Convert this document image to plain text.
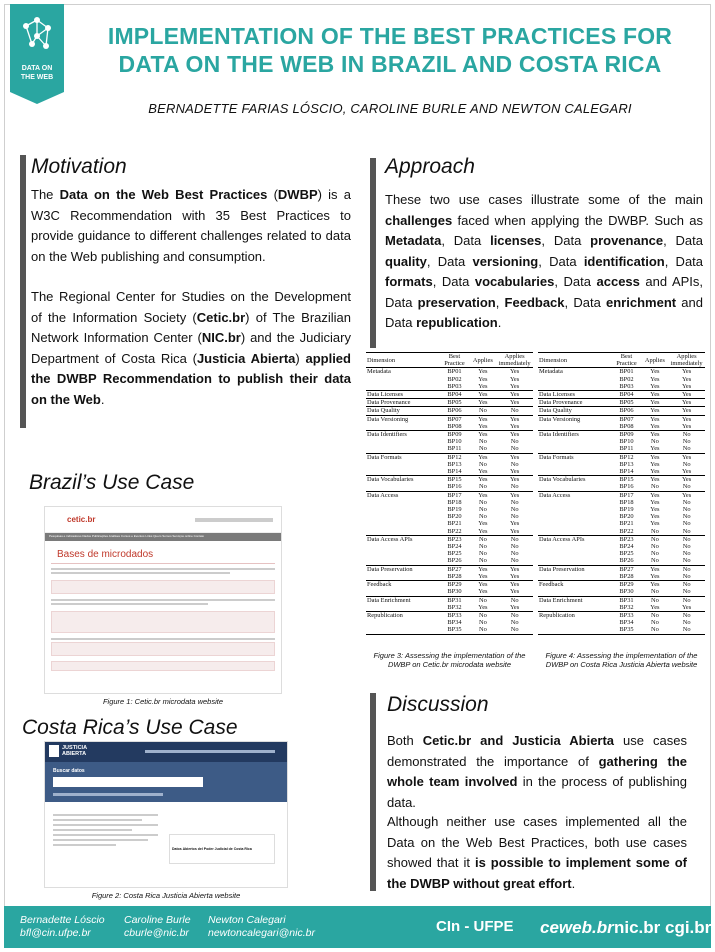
DATA ON
THE WEB
IMPLEMENTATION OF THE BEST PRACTICES FOR
DATA ON THE WEB IN BRAZIL AND COSTA RICA
BERNADETTE FARIAS LÓSCIO, CAROLINE BURLE AND NEWTON CALEGARI
Motivation
The Data on the Web Best Practices (DWBP) is a W3C Recommendation with 35 Best Practices to provide guidance to different challenges related to data on the Web publishing and consumption.
The Regional Center for Studies on the Development of the Information Society (Cetic.br) of The Brazilian Network Information Center (NIC.br) and the Judiciary Department of Costa Rica (Justicia Abierta) applied the DWBP Recommendation to publish their data on the Web.
Brazil’s Use Case
cetic.br
Pesquisas e indicadores Dados Publicações Análises Cursos e Eventos Links Quem Somos Serviços online Contato
Bases de microdados
Figure 1: Cetic.br microdata website
Costa Rica’s Use Case
JUSTICIA
ABIERTA
Buscar datos
Datos Abiertos del Poder Judicial de Costa Rica
Figure 2: Costa Rica Justicia Abierta website
Approach
These two use cases illustrate some of the main challenges faced when applying the DWBP. Such as Metadata, Data licenses, Data provenance, Data quality, Data versioning, Data identification, Data formats, Data vocabularies, Data access and APIs, Data preservation, Feedback, Data enrichment and Data republication.
Dimension	Best Practice	Applies	Applies immediately
Metadata	BP01	Yes	Yes
	BP02	Yes	Yes
	BP03	Yes	Yes
Data Licenses	BP04	Yes	Yes
Data Provenance	BP05	Yes	Yes
Data Quality	BP06	No	No
Data Versioning	BP07	Yes	Yes
	BP08	Yes	Yes
Data Identifiers	BP09	Yes	Yes
	BP10	No	No
	BP11	No	No
Data Formats	BP12	Yes	Yes
	BP13	No	No
	BP14	Yes	Yes
Data Vocabularies	BP15	Yes	Yes
	BP16	No	No
Data Access	BP17	Yes	Yes
	BP18	No	No
	BP19	No	No
	BP20	No	No
	BP21	Yes	Yes
	BP22	Yes	Yes
Data Access APIs	BP23	No	No
	BP24	No	No
	BP25	No	No
	BP26	No	No
Data Preservation	BP27	Yes	Yes
	BP28	Yes	Yes
Feedback	BP29	Yes	Yes
	BP30	Yes	Yes
Data Enrichment	BP31	No	No
	BP32	Yes	Yes
Republication	BP33	No	No
	BP34	No	No
	BP35	No	No
Figure 3: Assessing the implementation of the DWBP on Cetic.br microdata website
Dimension	Best Practice	Applies	Applies immediately
Metadata	BP01	Yes	Yes
	BP02	Yes	Yes
	BP03	Yes	Yes
Data Licenses	BP04	Yes	Yes
Data Provenance	BP05	Yes	Yes
Data Quality	BP06	Yes	Yes
Data Versioning	BP07	Yes	Yes
	BP08	Yes	Yes
Data Identifiers	BP09	Yes	No
	BP10	No	No
	BP11	Yes	No
Data Formats	BP12	Yes	Yes
	BP13	Yes	No
	BP14	Yes	Yes
Data Vocabularies	BP15	Yes	Yes
	BP16	No	No
Data Access	BP17	Yes	Yes
	BP18	Yes	No
	BP19	Yes	No
	BP20	Yes	No
	BP21	Yes	No
	BP22	No	No
Data Access APIs	BP23	No	No
	BP24	No	No
	BP25	No	No
	BP26	No	No
Data Preservation	BP27	Yes	No
	BP28	Yes	No
Feedback	BP29	Yes	No
	BP30	No	No
Data Enrichment	BP31	No	No
	BP32	Yes	Yes
Republication	BP33	No	No
	BP34	No	No
	BP35	No	No
Figure 4: Assessing the implementation of the DWBP on Costa Rica Justicia Abierta website
Discussion
Both Cetic.br and Justicia Abierta use cases demonstrated the importance of gathering the whole team involved in the process of publishing data.
Although neither use cases implemented all the Data on the Web Best Practices, both use cases showed that it is possible to implement some of the DWBP without great effort.
Bernadette Lóscio
bfl@cin.ufpe.br
Caroline Burle
cburle@nic.br
Newton Calegari
newtoncalegari@nic.br	CIn - UFPE ceweb.br nic.br cgi.br
